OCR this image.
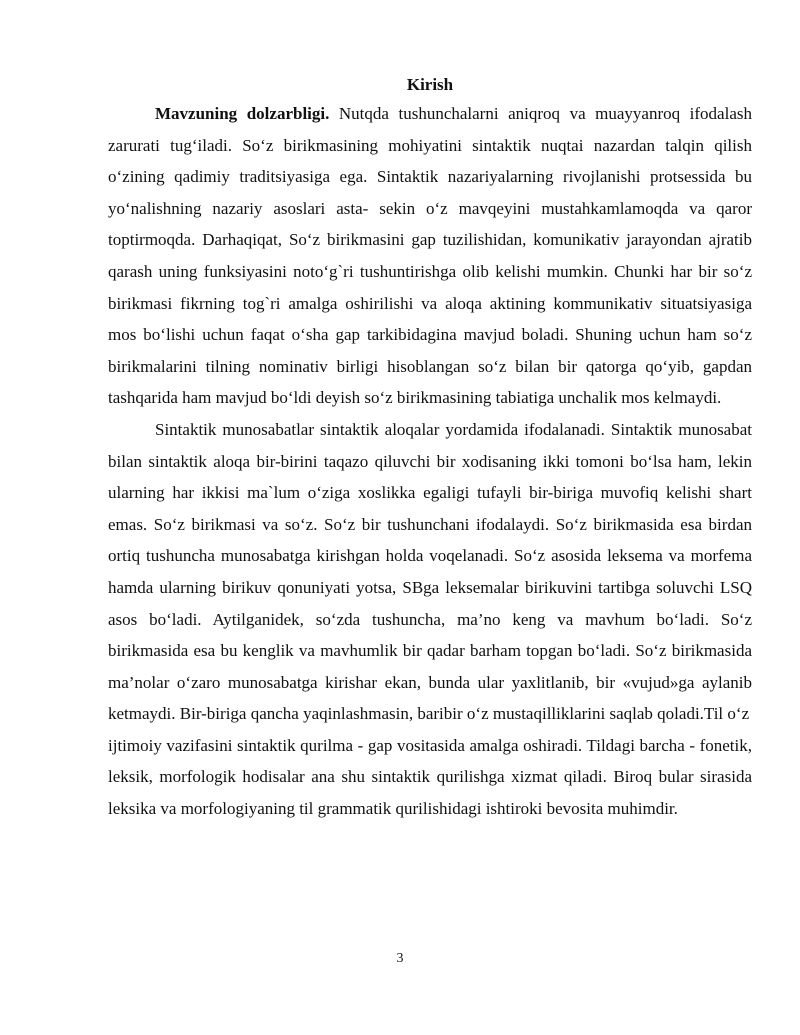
Kirish

Mavzuning dolzarbligi. Nutqda tushunchalarni aniqroq va muayyanroq ifodalash zarurati tug‘iladi. So‘z birikmasining mohiyatini sintaktik nuqtai nazardan talqin qilish o‘zining qadimiy traditsiyasiga ega. Sintaktik nazariyalarning rivojlanishi protsessida bu yo‘nalishning nazariy asoslari asta- sekin o‘z mavqeyini mustahkamlamoqda va qaror toptirmoqda. Darhaqiqat, So‘z birikmasini gap tuzilishidan, komunikativ jarayondan ajratib qarash uning funksiyasini noto‘g`ri tushuntirishga olib kelishi mumkin. Chunki har bir so‘z birikmasi fikrning tog`ri amalga oshirilishi va aloqa aktining kommunikativ situatsiyasiga mos bo‘lishi uchun faqat o‘sha gap tarkibidagina mavjud boladi. Shuning uchun ham so‘z birikmalarini tilning nominativ birligi hisoblangan so‘z bilan bir qatorga qo‘yib, gapdan tashqarida ham mavjud bo‘ldi deyish so‘z birikmasining tabiatiga unchalik mos kelmaydi.

Sintaktik munosabatlar sintaktik aloqalar yordamida ifodalanadi. Sintaktik munosabat bilan sintaktik aloqa bir-birini taqazo qiluvchi bir xodisaning ikki tomoni bo‘lsa ham, lekin ularning har ikkisi ma`lum o‘ziga xoslikka egaligi tufayli bir-biriga muvofiq kelishi shart emas. So‘z birikmasi va so‘z. So‘z bir tushunchani ifodalaydi. So‘z birikmasida esa birdan ortiq tushuncha munosabatga kirishgan holda voqelanadi. So‘z asosida leksema va morfema hamda ularning birikuv qonuniyati yotsa, SBga leksemalar birikuvini tartibga soluvchi LSQ asos bo‘ladi. Aytilganidek, so‘zda tushuncha, ma’no keng va mavhum bo‘ladi. So‘z birikmasida esa bu kenglik va mavhumlik bir qadar barham topgan bo‘ladi. So‘z birikmasida ma’nolar o‘zaro munosabatga kirishar ekan, bunda ular yaxlitlanib, bir «vujud»ga aylanib ketmaydi. Bir-biriga qancha yaqinlashmasin, baribir o‘z mustaqilliklarini saqlab qoladi.Til o‘z

ijtimoiy vazifasini sintaktik qurilma - gap vositasida amalga oshiradi. Tildagi barcha - fonetik, leksik, morfologik hodisalar ana shu sintaktik qurilishga xizmat qiladi. Biroq bular sirasida leksika va morfologiyaning til grammatik qurilishidagi ishtiroki bevosita muhimdir.

3
